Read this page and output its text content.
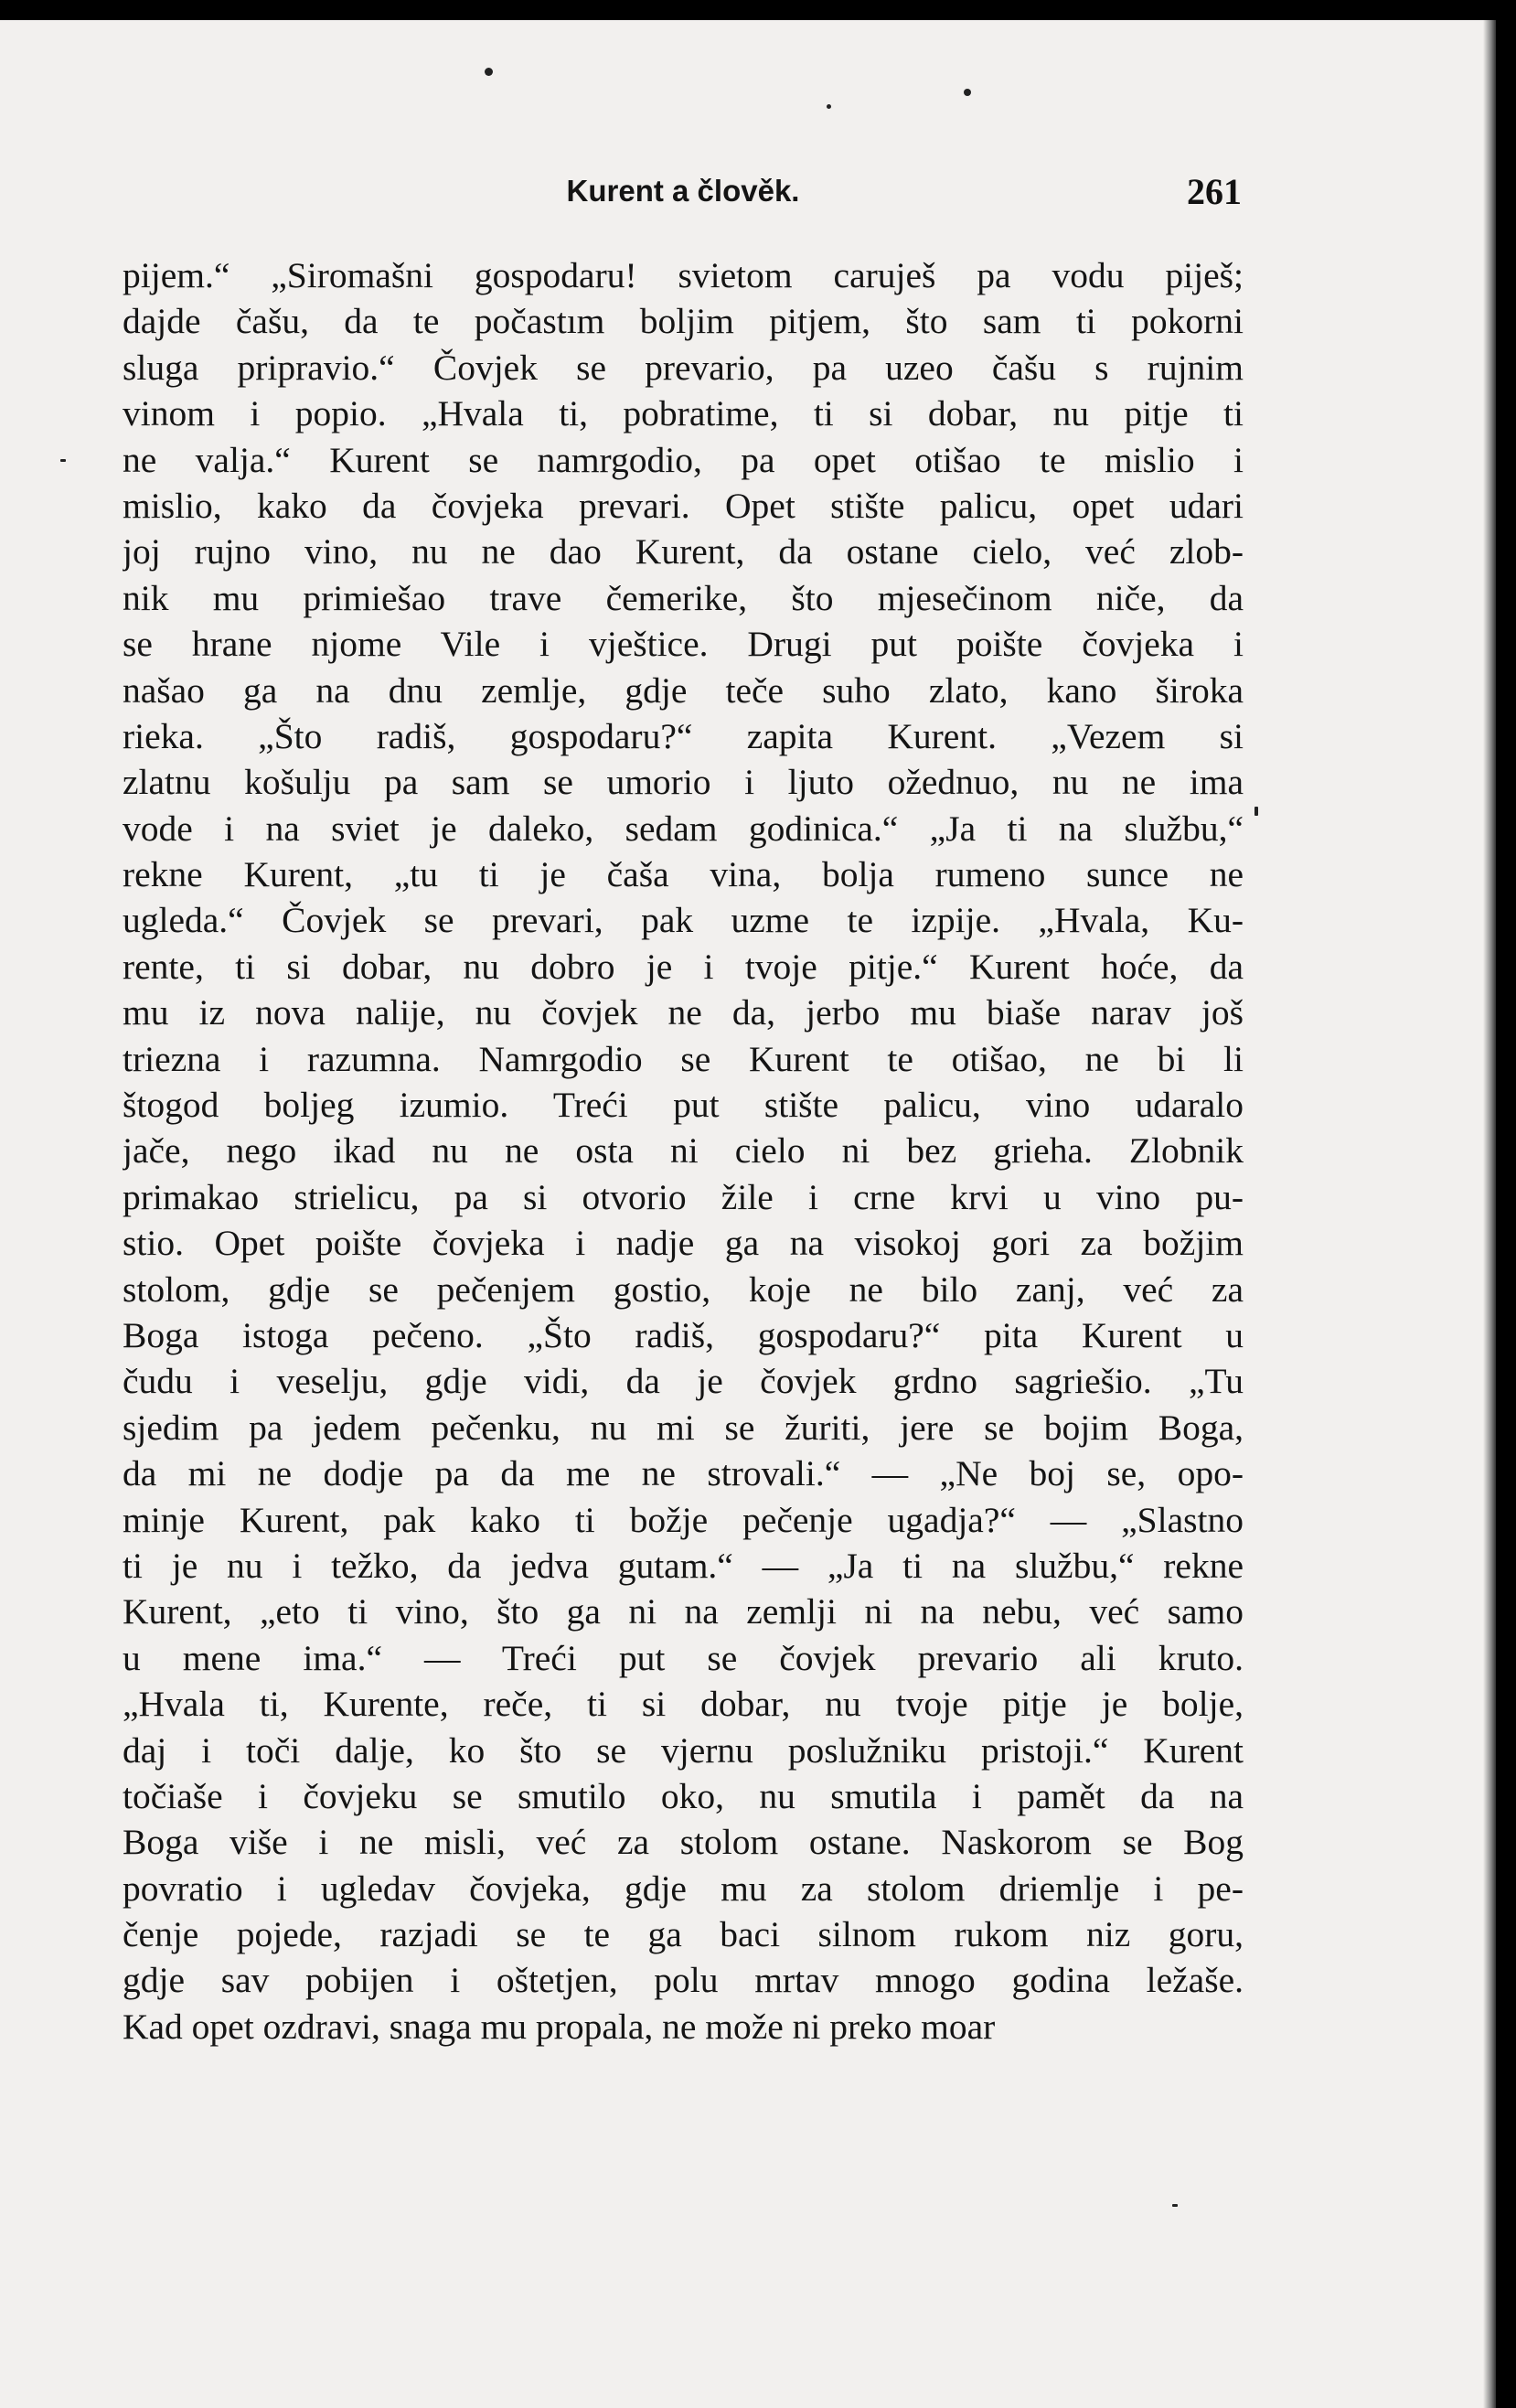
Kurent a člověk.	261
pijem.“ „Siromašni gospodaru! svietom caruješ pa vodu piješ;
dajde čašu, da te počastım boljim pitjem, što sam ti pokorni
sluga pripravio.“ Čovjek se prevario, pa uzeo čašu s rujnim
vinom i popio. „Hvala ti, pobratime, ti si dobar, nu pitje ti
ne valja.“ Kurent se namrgodio, pa opet otišao te mislio i
mislio, kako da čovjeka prevari. Opet stište palicu, opet udari
joj rujno vino, nu ne dao Kurent, da ostane cielo, već zlob-
nik mu primiešao trave čemerike, što mjesečinom niče, da
se hrane njome Vile i vještice. Drugi put poište čovjeka i
našao ga na dnu zemlje, gdje teče suho zlato, kano široka
rieka. „Što radiš, gospodaru?“ zapita Kurent. „Vezem si
zlatnu košulju pa sam se umorio i ljuto ožednuo, nu ne ima
vode i na sviet je daleko, sedam godinica.“ „Ja ti na službu,“
rekne Kurent, „tu ti je čaša vina, bolja rumeno sunce ne
ugleda.“ Čovjek se prevari, pak uzme te izpije. „Hvala, Ku-
rente, ti si dobar, nu dobro je i tvoje pitje.“ Kurent hoće, da
mu iz nova nalije, nu čovjek ne da, jerbo mu biaše narav još
triezna i razumna. Namrgodio se Kurent te otišao, ne bi li
štogod boljeg izumio. Treći put stište palicu, vino udaralo
jače, nego ikad nu ne osta ni cielo ni bez grieha. Zlobnik
primakao strielicu, pa si otvorio žile i crne krvi u vino pu-
stio. Opet poište čovjeka i nadje ga na visokoj gori za božjim
stolom, gdje se pečenjem gostio, koje ne bilo zanj, već za
Boga istoga pečeno. „Što radiš, gospodaru?“ pita Kurent u
čudu i veselju, gdje vidi, da je čovjek grdno sagriešio. „Tu
sjedim pa jedem pečenku, nu mi se žuriti, jere se bojim Boga,
da mi ne dodje pa da me ne strovali.“ — „Ne boj se, opo-
minje Kurent, pak kako ti božje pečenje ugadja?“ — „Slastno
ti je nu i težko, da jedva gutam.“ — „Ja ti na službu,“ rekne
Kurent, „eto ti vino, što ga ni na zemlji ni na nebu, već samo
u mene ima.“ — Treći put se čovjek prevario ali kruto.
„Hvala ti, Kurente, reče, ti si dobar, nu tvoje pitje je bolje,
daj i toči dalje, ko što se vjernu poslužniku pristoji.“ Kurent
točiaše i čovjeku se smutilo oko, nu smutila i pamět da na
Boga više i ne misli, već za stolom ostane. Naskorom se Bog
povratio i ugledav čovjeka, gdje mu za stolom driemlje i pe-
čenje pojede, razjadi se te ga baci silnom rukom niz goru,
gdje sav pobijen i oštetjen, polu mrtav mnogo godina ležaše.
Kad opet ozdravi, snaga mu propala, ne može ni preko moar
